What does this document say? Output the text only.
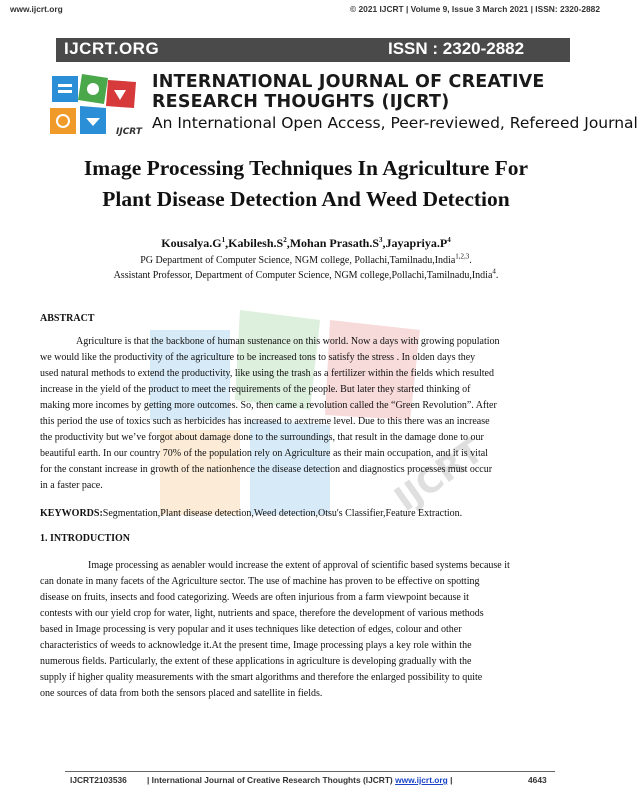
www.ijcrt.org	© 2021 IJCRT | Volume 9, Issue 3 March 2021 | ISSN: 2320-2882
IJCRT.ORG	ISSN : 2320-2882
IJCRT
INTERNATIONAL JOURNAL OF CREATIVE
RESEARCH THOUGHTS (IJCRT)
An International Open Access, Peer-reviewed, Refereed Journal
IJCRT
Image Processing Techniques In Agriculture For
Plant Disease Detection And Weed Detection
$Kousalya.G^1,Kabilesh.S^2,Mohan$ $Prasath.S^3,Jayapriya.P^4$
PG Department of Computer Science, NGM college, Pollachi,Tamilnadu,India$^{1,2,3}$.
Assistant Professor, Department of Computer Science, NGM college,Pollachi,Tamilnadu,India$^4$.
ABSTRACT
Agriculture is that the backbone of human sustenance on this world. Now a days with growing population
we would like the productivity of the agriculture to be increased tons to satisfy the stress . In olden days they
used natural methods to extend the productivity, like using the trash as a fertilizer within the fields which resulted
increase in the yield of the product to meet the requirements of the people. But later they started thinking of
making more incomes by getting more outcomes. So, then came a revolution called the “Green Revolution”. After
this period the use of toxics such as herbicides has increased to aextreme level. Due to this there was an increase
the productivity but we’ve forgot about damage done to the surroundings, that result in the damage done to our
beautiful earth. In our country 70% of the population rely on Agriculture as their main occupation, and it is vital
for the constant increase in growth of the nationhence the disease detection and diagnostics processes must occur
in a faster pace.
KEYWORDS:Segmentation,Plant disease detection,Weed detection,Otsu's Classifier,Feature Extraction.
1. INTRODUCTION
Image processing as aenabler would increase the extent of approval of scientific based systems because it
can donate in many facets of the Agriculture sector. The use of machine has proven to be effective on spotting
disease on fruits, insects and food categorizing. Weeds are often injurious from a farm viewpoint because it
contests with our yield crop for water, light, nutrients and space, therefore the development of various methods
based in Image processing is very popular and it uses techniques like detection of edges, colour and other
characteristics of weeds to acknowledge it.At the present time, Image processing plays a key role within the
numerous fields. Particularly, the extent of these applications in agriculture is developing gradually with the
supply if higher quality measurements with the smart algorithms and therefore the enlarged possibility to quite
one sources of data from both the sensors placed and satellite in fields.
IJCRT2103536 | International Journal of Creative Research Thoughts (IJCRT) www.ijcrt.org |	4643
